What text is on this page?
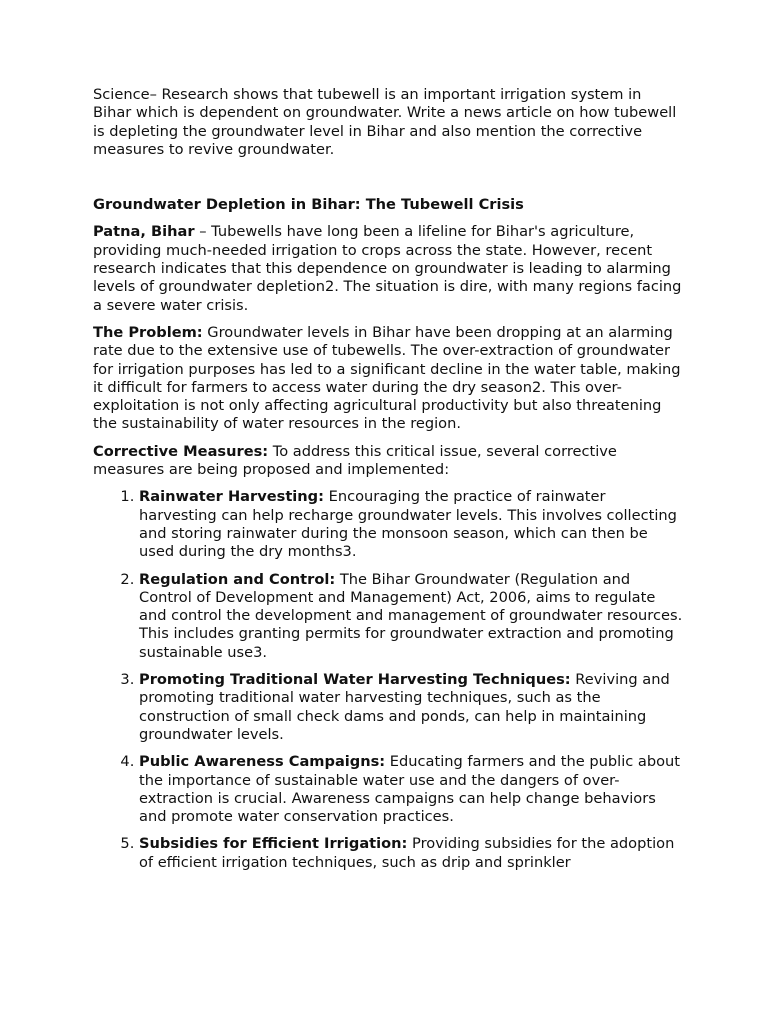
Science– Research shows that tubewell is an important irrigation system in Bihar which is dependent on groundwater. Write a news article on how tubewell is depleting the groundwater level in Bihar and also mention the corrective measures to revive groundwater.

Groundwater Depletion in Bihar: The Tubewell Crisis

Patna, Bihar – Tubewells have long been a lifeline for Bihar's agriculture, providing much-needed irrigation to crops across the state. However, recent research indicates that this dependence on groundwater is leading to alarming levels of groundwater depletion2. The situation is dire, with many regions facing a severe water crisis.

The Problem: Groundwater levels in Bihar have been dropping at an alarming rate due to the extensive use of tubewells. The over-extraction of groundwater for irrigation purposes has led to a significant decline in the water table, making it difficult for farmers to access water during the dry season2. This over-exploitation is not only affecting agricultural productivity but also threatening the sustainability of water resources in the region.

Corrective Measures: To address this critical issue, several corrective measures are being proposed and implemented:

1. Rainwater Harvesting: Encouraging the practice of rainwater harvesting can help recharge groundwater levels. This involves collecting and storing rainwater during the monsoon season, which can then be used during the dry months3.
2. Regulation and Control: The Bihar Groundwater (Regulation and Control of Development and Management) Act, 2006, aims to regulate and control the development and management of groundwater resources. This includes granting permits for groundwater extraction and promoting sustainable use3.
3. Promoting Traditional Water Harvesting Techniques: Reviving and promoting traditional water harvesting techniques, such as the construction of small check dams and ponds, can help in maintaining groundwater levels.
4. Public Awareness Campaigns: Educating farmers and the public about the importance of sustainable water use and the dangers of over-extraction is crucial. Awareness campaigns can help change behaviors and promote water conservation practices.
5. Subsidies for Efficient Irrigation: Providing subsidies for the adoption of efficient irrigation techniques, such as drip and sprinkler
